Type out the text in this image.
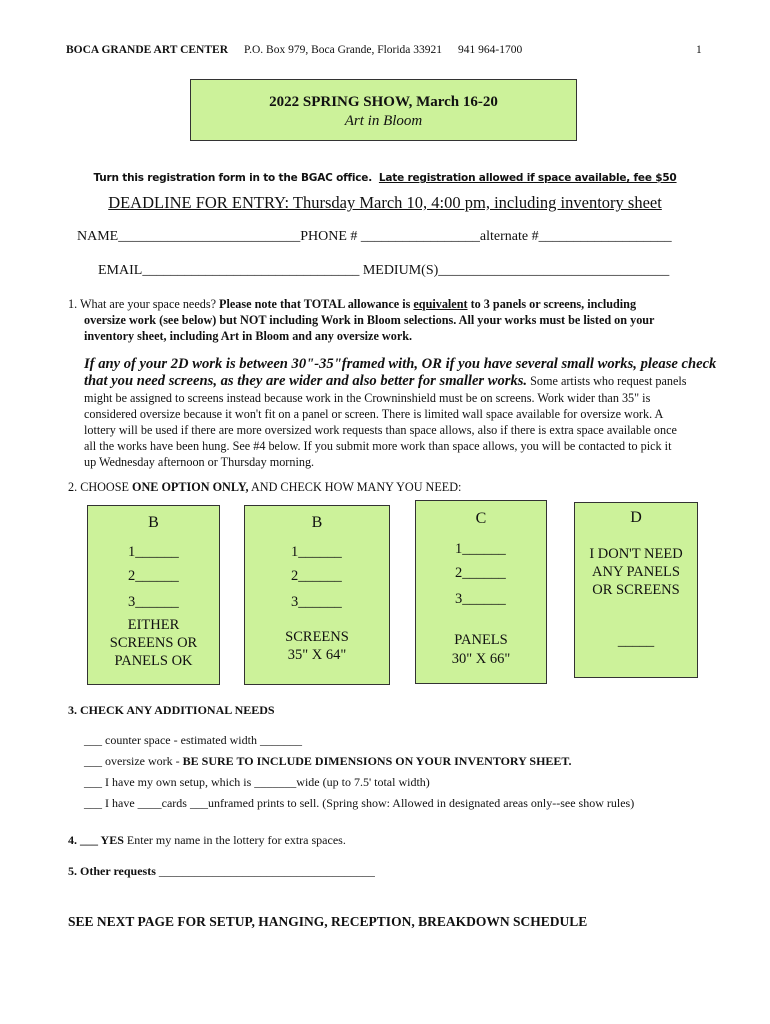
BOCA GRANDE ART CENTER P.O. Box 979, Boca Grande, Florida 33921 941 964-1700	1
2022 SPRING SHOW, March 16-20
Art in Bloom
Turn this registration form in to the BGAC office. Late registration allowed if space available, fee $50
DEADLINE FOR ENTRY: Thursday March 10, 4:00 pm, including inventory sheet
NAME__________________________PHONE # _________________alternate #___________________
EMAIL_______________________________ MEDIUM(S)_________________________________
1. What are your space needs? Please note that TOTAL allowance is equivalent to 3 panels or screens, including
oversize work (see below) but NOT including Work in Bloom selections. All your works must be listed on your
inventory sheet, including Art in Bloom and any oversize work.
If any of your 2D work is between 30"-35"framed with, OR if you have several small works, please check
that you need screens, as they are wider and also better for smaller works. Some artists who request panels
might be assigned to screens instead because work in the Crowninshield must be on screens. Work wider than 35" is
considered oversize because it won't fit on a panel or screen. There is limited wall space available for oversize work. A
lottery will be used if there are more oversized work requests than space allows, also if there is extra space available once
all the works have been hung. See #4 below. If you submit more work than space allows, you will be contacted to pick it
up Wednesday afternoon or Thursday morning.
2. CHOOSE ONE OPTION ONLY, AND CHECK HOW MANY YOU NEED:
B
1______
2______
3______
EITHER
SCREENS OR
PANELS OK
B
1______
2______
3______
SCREENS
35" X 64"
C
1______
2______
3______
PANELS
30" X 66"
D
I DON'T NEED
ANY PANELS
OR SCREENS
_____
3. CHECK ANY ADDITIONAL NEEDS
___ counter space - estimated width _______
___ oversize work - BE SURE TO INCLUDE DIMENSIONS ON YOUR INVENTORY SHEET.
___ I have my own setup, which is _______wide (up to 7.5' total width)
___ I have ____cards ___unframed prints to sell. (Spring show: Allowed in designated areas only--see show rules)
4. ___ YES Enter my name in the lottery for extra spaces.
5. Other requests ____________________________________
SEE NEXT PAGE FOR SETUP, HANGING, RECEPTION, BREAKDOWN SCHEDULE
